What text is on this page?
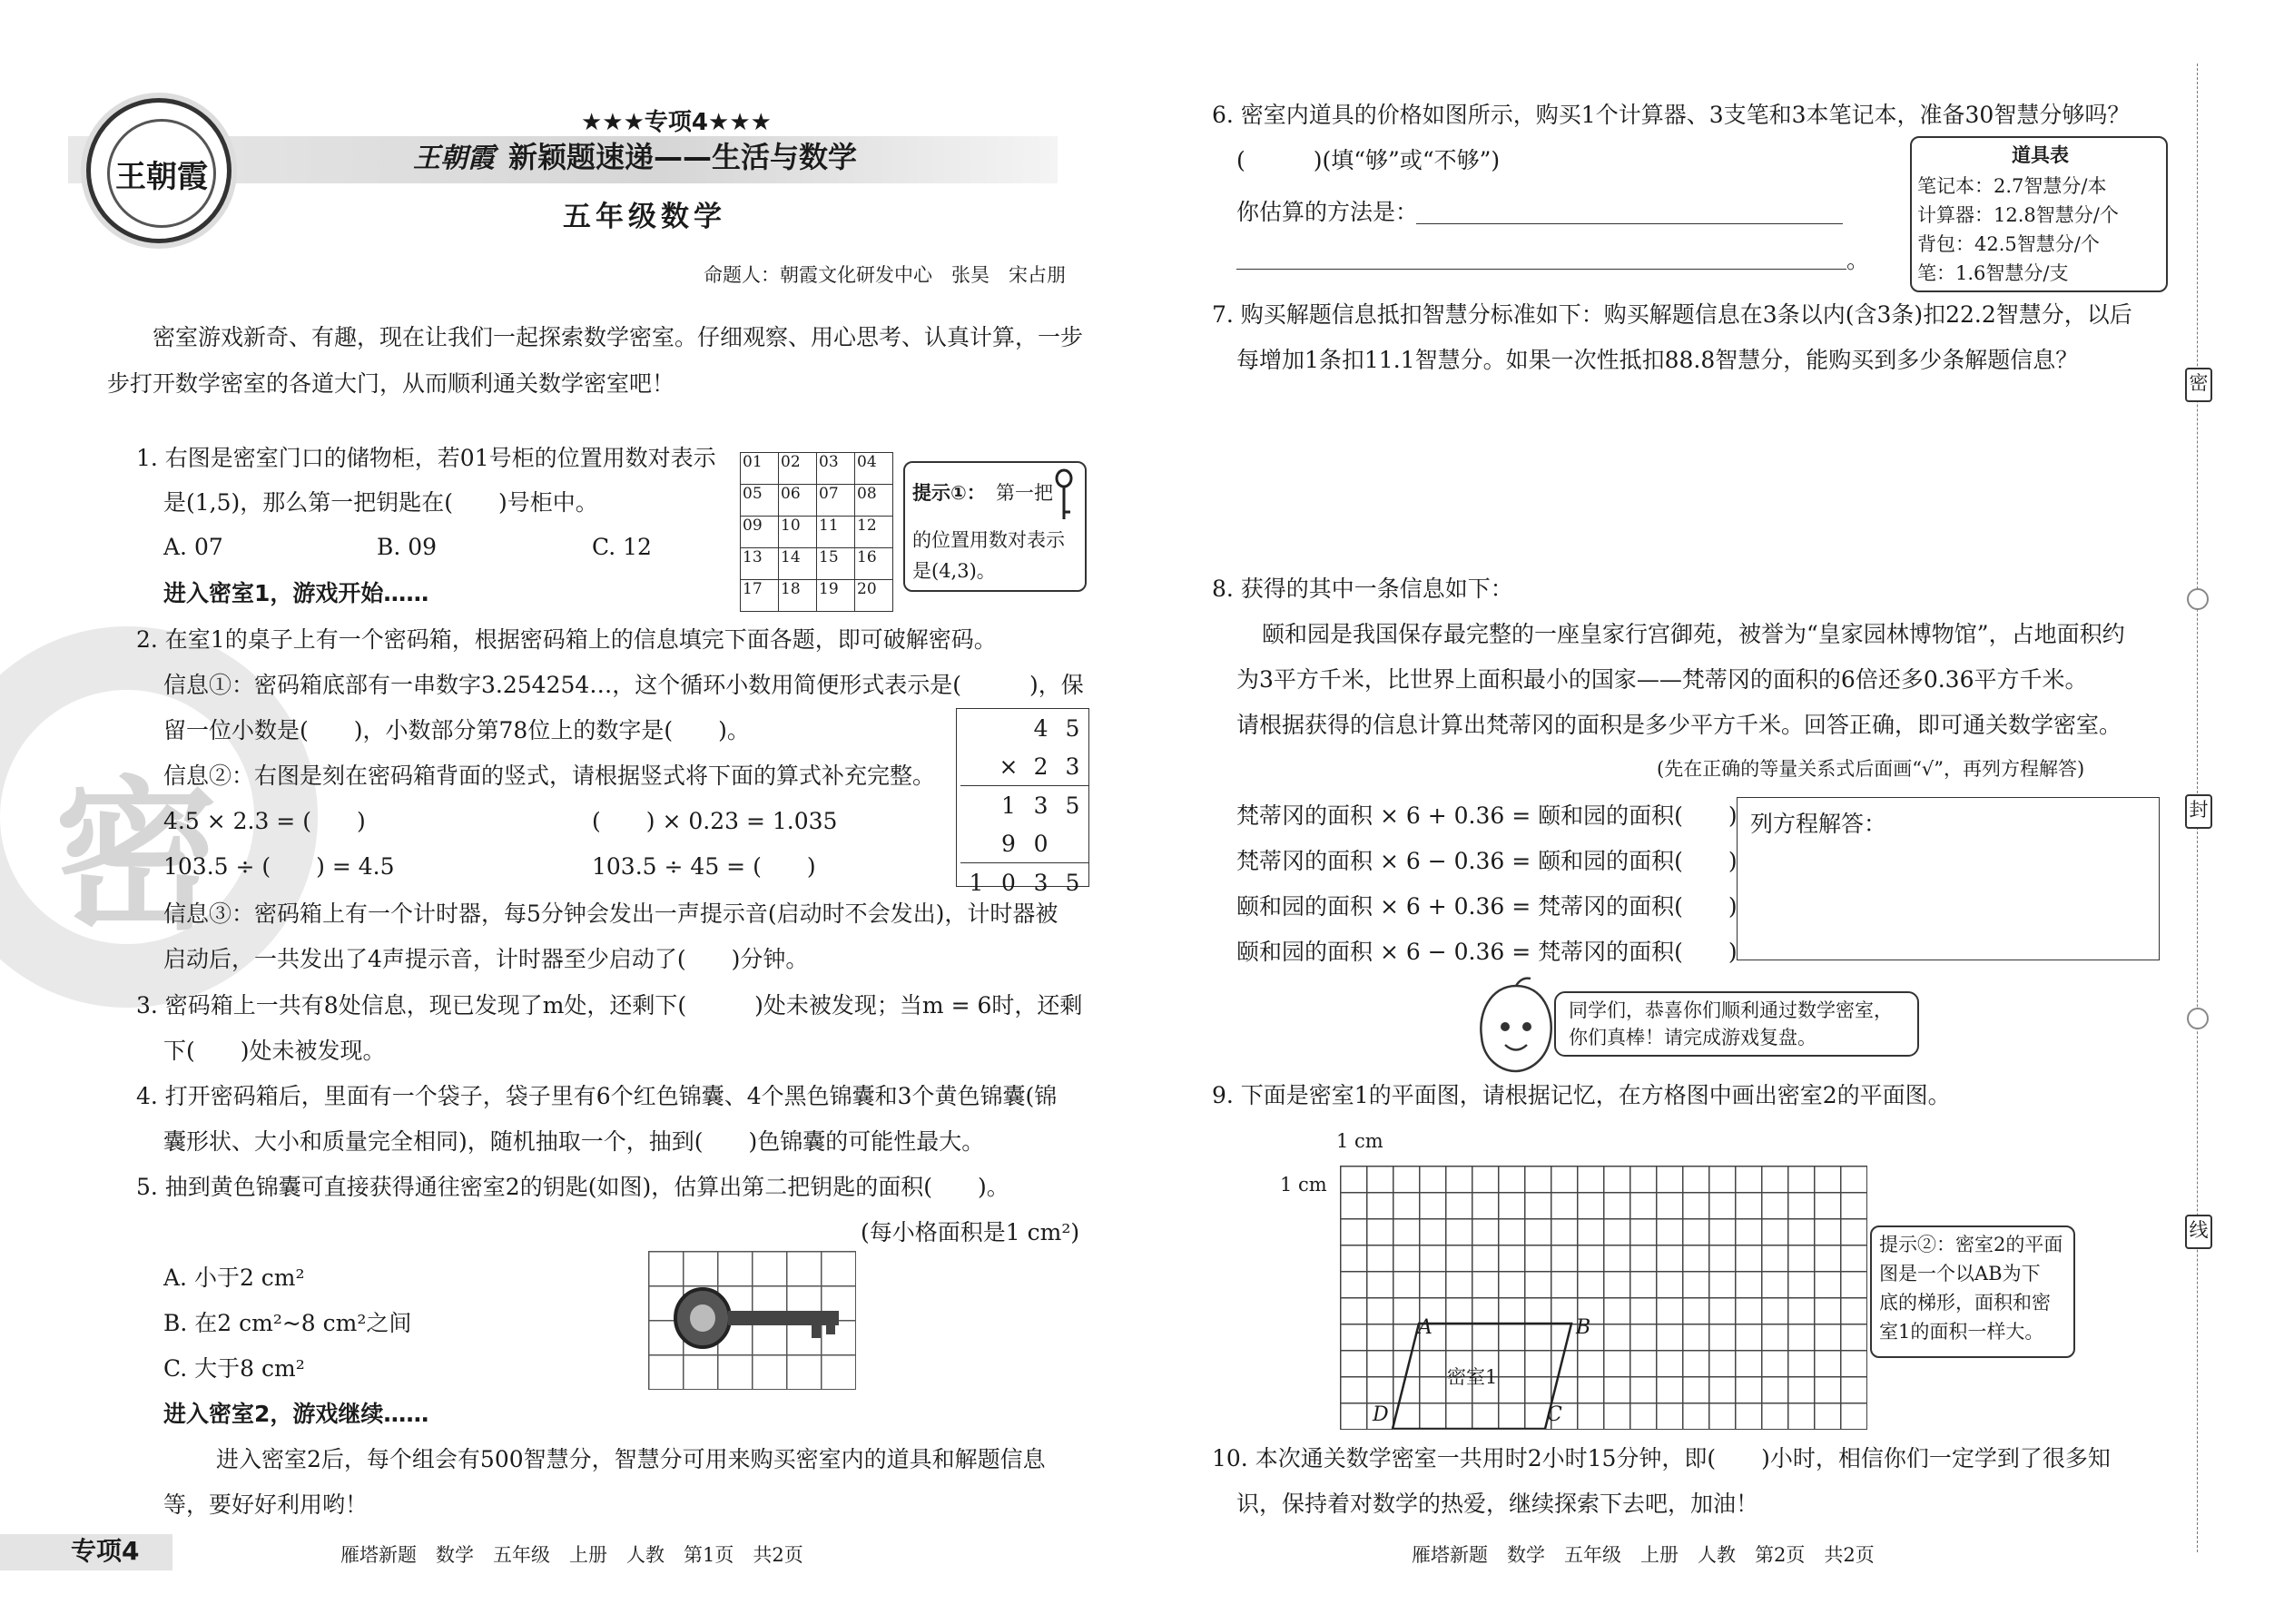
密
王朝霞
★★★专项4★★★
王朝霞 新颖题速递——生活与数学
五年级数学
命题人：朝霞文化研发中心　张昊　宋占朋
密室游戏新奇、有趣，现在让我们一起探索数学密室。仔细观察、用心思考、认真计算，一步
步打开数学密室的各道大门，从而顺利通关数学密室吧！
1. 右图是密室门口的储物柜，若01号柜的位置用数对表示
是(1,5)，那么第一把钥匙在(　　)号柜中。
A. 07	B. 09	C. 12
01	02	03	04
05	06	07	08
09	10	11	12
13	14	15	16
17	18	19	20
提示①： 第一把
的位置用数对表示
是(4,3)。
进入密室1，游戏开始……
2. 在室1的桌子上有一个密码箱，根据密码箱上的信息填完下面各题，即可破解密码。
信息①：密码箱底部有一串数字3.254254…，这个循环小数用简便形式表示是(　　　)，保
留一位小数是(　　)，小数部分第78位上的数字是(　　)。
信息②：右图是刻在密码箱背面的竖式，请根据竖式将下面的算式补充完整。
4.5 × 2.3 = (　　)	(　　) × 0.23 = 1.035
103.5 ÷ (　　) = 4.5	103.5 ÷ 45 = (　　)
		4	5
	×	2	3
	1	3	5
	9	0	
1	0	3	5
信息③：密码箱上有一个计时器，每5分钟会发出一声提示音(启动时不会发出)，计时器被
启动后，一共发出了4声提示音，计时器至少启动了(　　)分钟。
3. 密码箱上一共有8处信息，现已发现了m处，还剩下(　　　)处未被发现；当m = 6时，还剩
下(　　)处未被发现。
4. 打开密码箱后，里面有一个袋子，袋子里有6个红色锦囊、4个黑色锦囊和3个黄色锦囊(锦
囊形状、大小和质量完全相同)，随机抽取一个，抽到(　　)色锦囊的可能性最大。
5. 抽到黄色锦囊可直接获得通往密室2的钥匙(如图)，估算出第二把钥匙的面积(　　)。
(每小格面积是1 cm²)
A. 小于2 cm²
B. 在2 cm²~8 cm²之间
C. 大于8 cm²
进入密室2，游戏继续……
进入密室2后，每个组会有500智慧分，智慧分可用来购买密室内的道具和解题信息
等，要好好利用哟！
专项4	雁塔新题　数学　五年级　上册　人教　第1页　共2页
6. 密室内道具的价格如图所示，购买1个计算器、3支笔和3本笔记本，准备30智慧分够吗？
(　　　)(填“够”或“不够”)
你估算的方法是：
。
道具表
笔记本：2.7智慧分/本
计算器：12.8智慧分/个
背包：42.5智慧分/个
笔：1.6智慧分/支
7. 购买解题信息抵扣智慧分标准如下：购买解题信息在3条以内(含3条)扣22.2智慧分，以后
每增加1条扣11.1智慧分。如果一次性抵扣88.8智慧分，能购买到多少条解题信息？
8. 获得的其中一条信息如下：
颐和园是我国保存最完整的一座皇家行宫御苑，被誉为“皇家园林博物馆”，占地面积约
为3平方千米，比世界上面积最小的国家——梵蒂冈的面积的6倍还多0.36平方千米。
请根据获得的信息计算出梵蒂冈的面积是多少平方千米。回答正确，即可通关数学密室。
(先在正确的等量关系式后面画“√”，再列方程解答)
梵蒂冈的面积 × 6 + 0.36 = 颐和园的面积(　　)
梵蒂冈的面积 × 6 − 0.36 = 颐和园的面积(　　)
颐和园的面积 × 6 + 0.36 = 梵蒂冈的面积(　　)
颐和园的面积 × 6 − 0.36 = 梵蒂冈的面积(　　)
列方程解答：
同学们，恭喜你们顺利通过数学密室，
你们真棒！请完成游戏复盘。
9. 下面是密室1的平面图，请根据记忆，在方格图中画出密室2的平面图。
1 cm
1 cm
A	B
C
D
密室1
提示②：密室2的平面
图是一个以AB为下
底的梯形，面积和密
室1的面积一样大。
10. 本次通关数学密室一共用时2小时15分钟，即(　　)小时，相信你们一定学到了很多知
识，保持着对数学的热爱，继续探索下去吧，加油！
雁塔新题　数学　五年级　上册　人教　第2页　共2页
密
封
线
